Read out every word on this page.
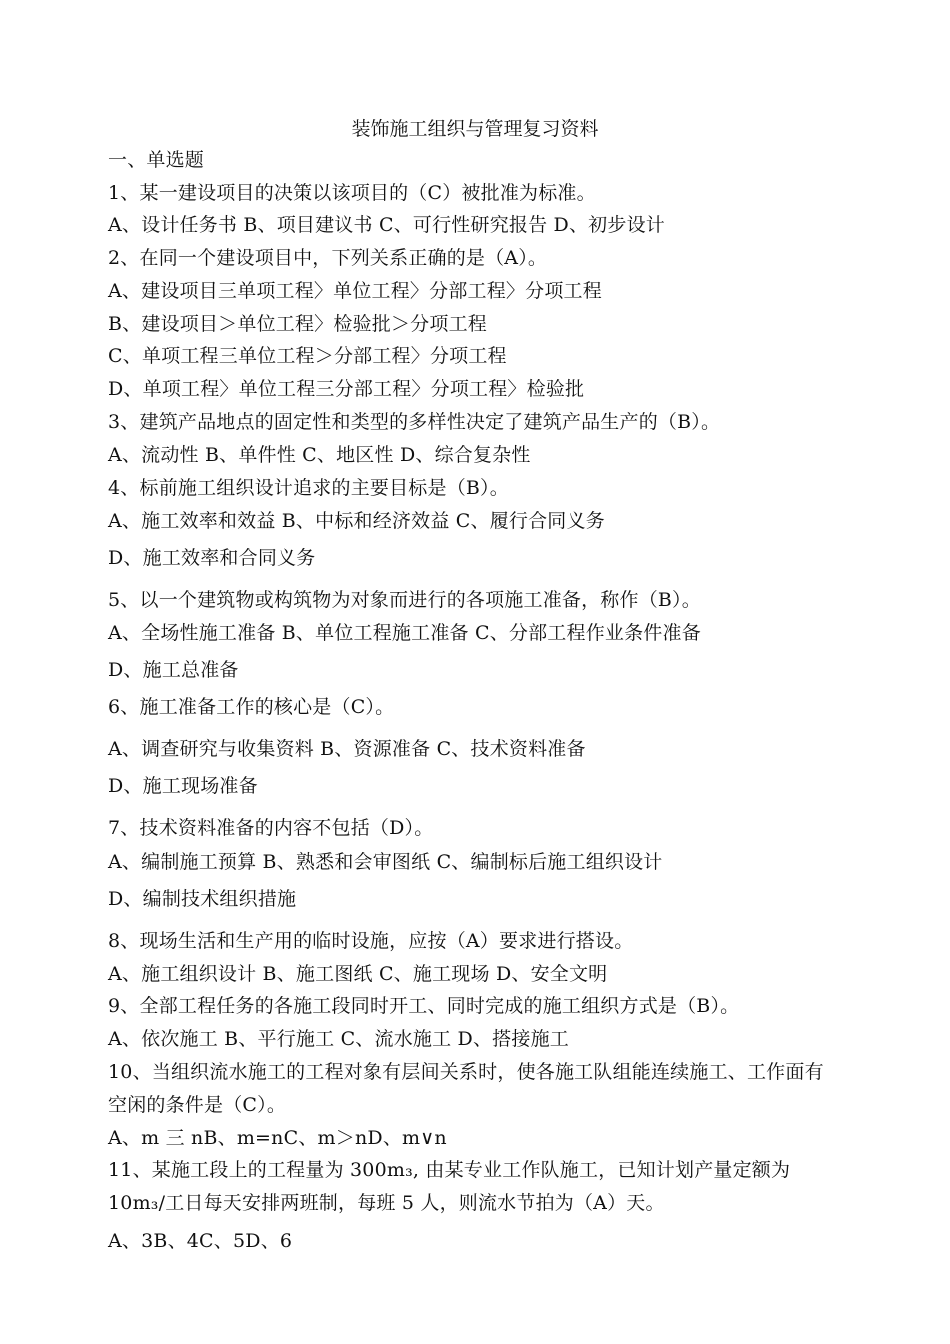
装饰施工组织与管理复习资料
一、单选题
1、某一建设项目的决策以该项目的（C）被批准为标准。
A、设计任务书 B、项目建议书 C、可行性研究报告 D、初步设计
2、在同一个建设项目中，下列关系正确的是（A）。
A、建设项目三单项工程〉单位工程〉分部工程〉分项工程
B、建设项目＞单位工程〉检验批＞分项工程
C、单项工程三单位工程＞分部工程〉分项工程
D、单项工程〉单位工程三分部工程〉分项工程〉检验批
3、建筑产品地点的固定性和类型的多样性决定了建筑产品生产的（B）。
A、流动性 B、单件性 C、地区性 D、综合复杂性
4、标前施工组织设计追求的主要目标是（B）。
A、施工效率和效益 B、中标和经济效益 C、履行合同义务
D、施工效率和合同义务
5、以一个建筑物或构筑物为对象而进行的各项施工准备，称作（B）。
A、全场性施工准备 B、单位工程施工准备 C、分部工程作业条件准备
D、施工总准备
6、施工准备工作的核心是（C）。
A、调查研究与收集资料 B、资源准备 C、技术资料准备
D、施工现场准备
7、技术资料准备的内容不包括（D）。
A、编制施工预算 B、熟悉和会审图纸 C、编制标后施工组织设计
D、编制技术组织措施
8、现场生活和生产用的临时设施，应按（A）要求进行搭设。
A、施工组织设计 B、施工图纸 C、施工现场 D、安全文明
9、全部工程任务的各施工段同时开工、同时完成的施工组织方式是（B）。
A、依次施工 B、平行施工 C、流水施工 D、搭接施工
10、当组织流水施工的工程对象有层间关系时，使各施工队组能连续施工、工作面有
空闲的条件是（C）。
A、m 三 nB、m=nC、m＞nD、m∨n
11、某施工段上的工程量为 300m₃, 由某专业工作队施工，已知计划产量定额为
10m₃/工日每天安排两班制，每班 5 人，则流水节拍为（A）天。
A、3B、4C、5D、6
